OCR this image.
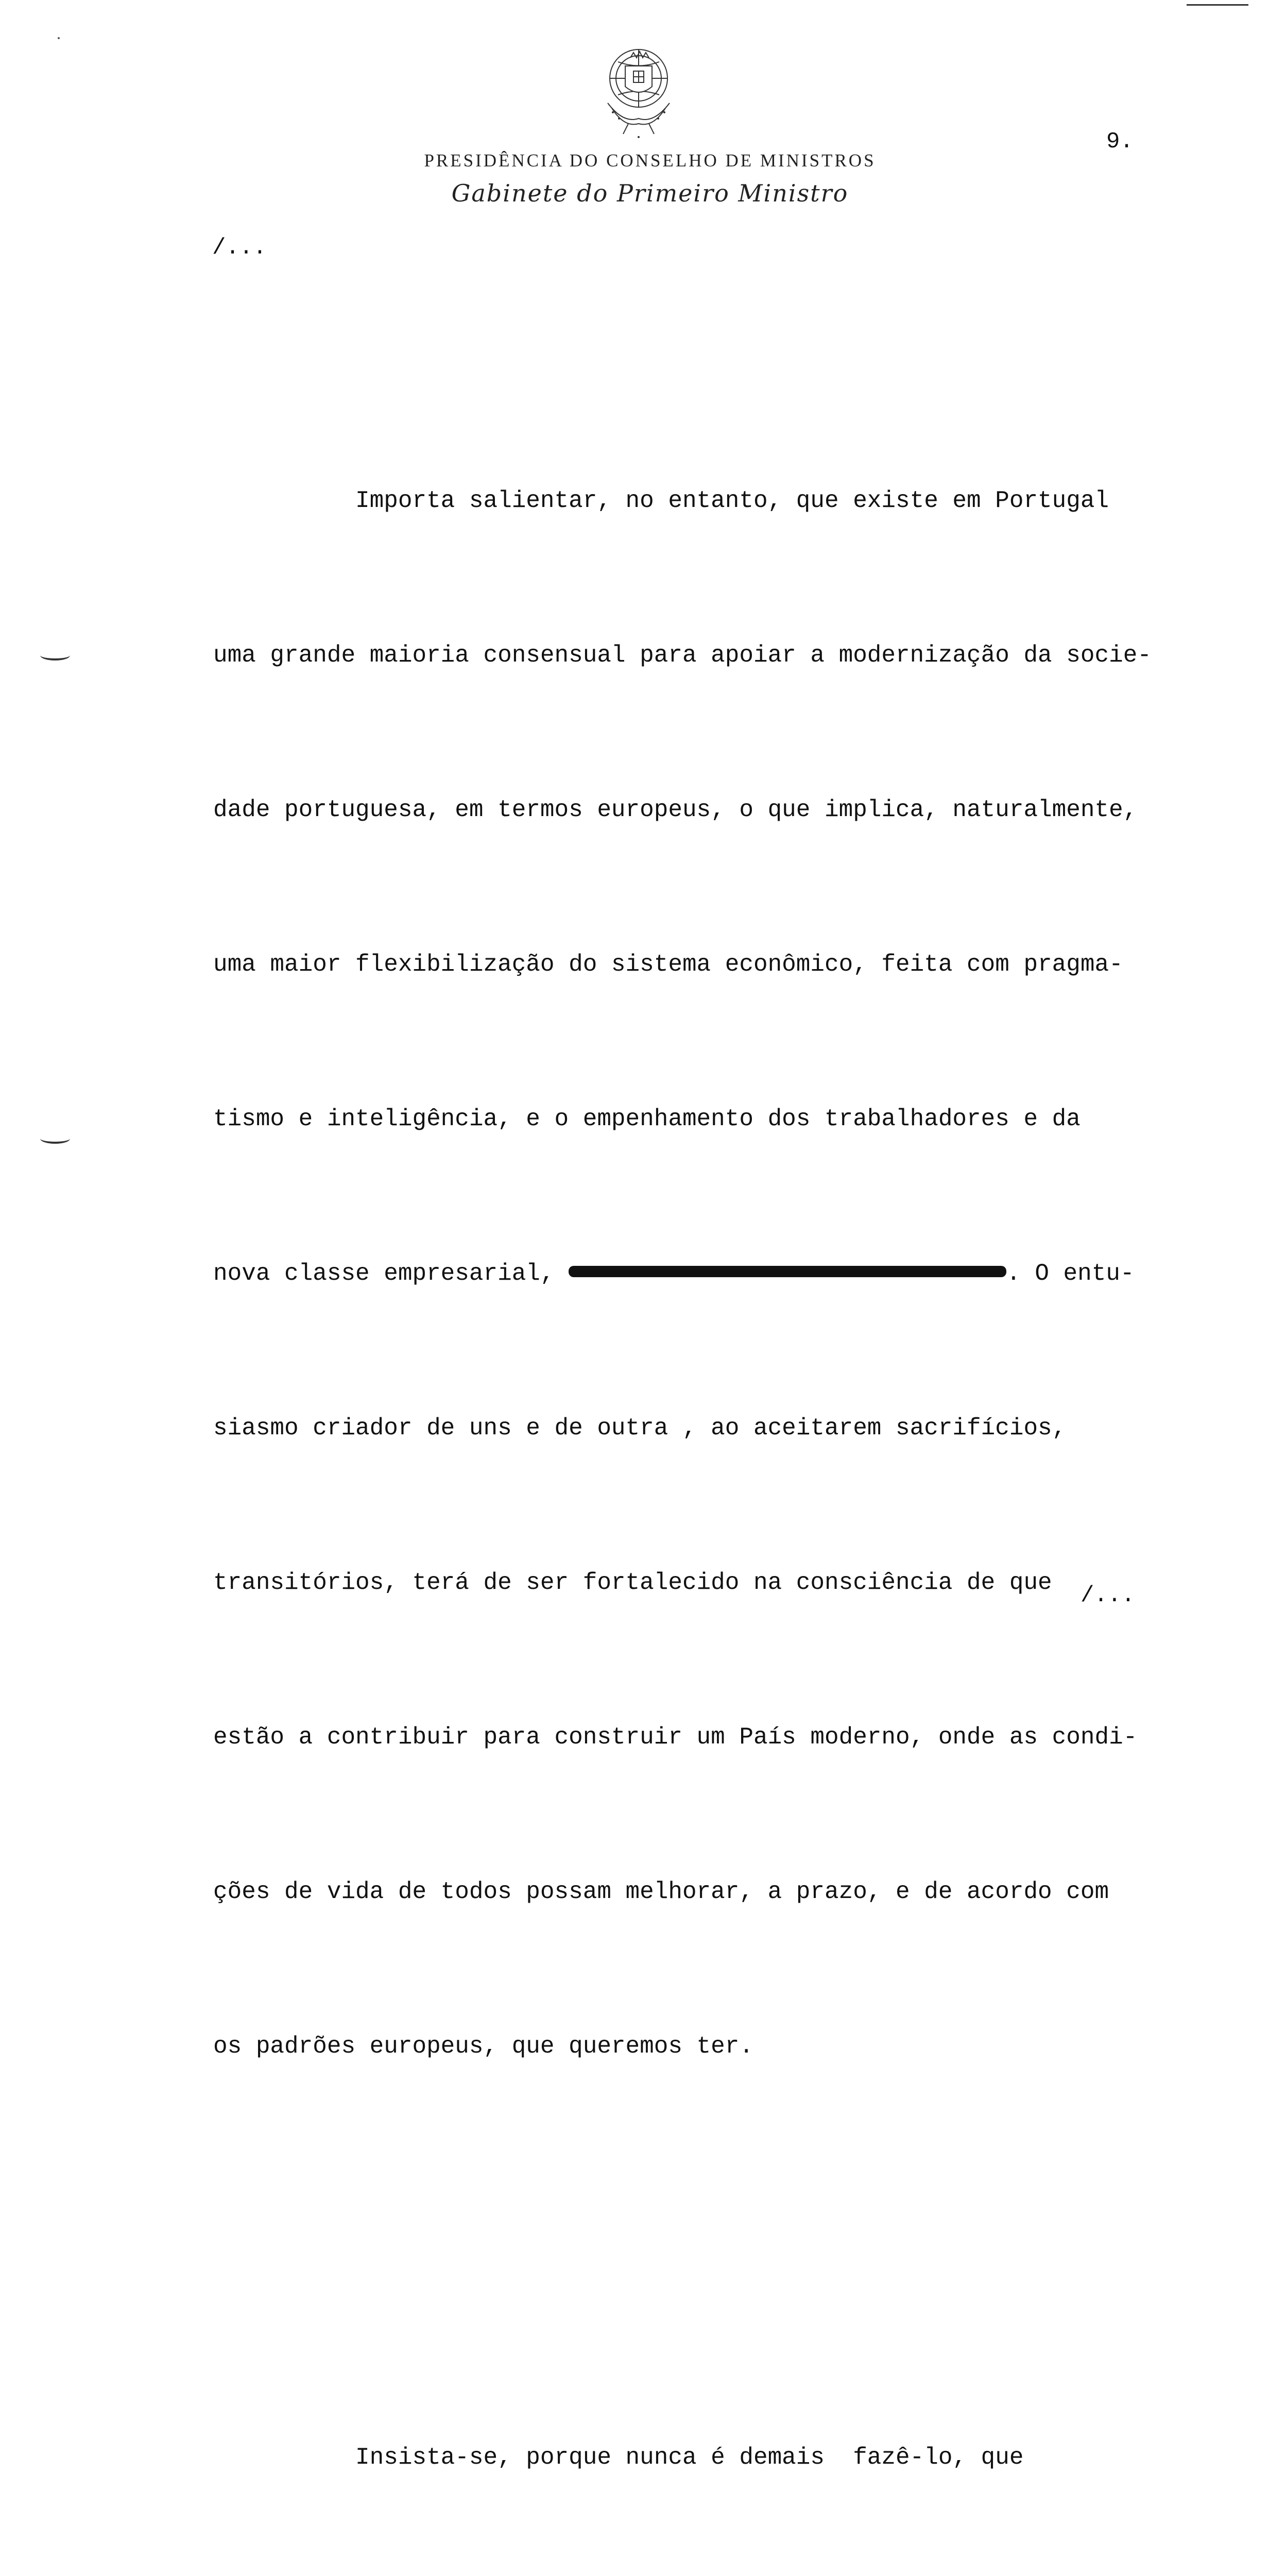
PRESIDÊNCIA DO CONSELHO DE MINISTROS
Gabinete do Primeiro Ministro
9.
/...

Importa salientar, no entanto, que existe em Portugal

uma grande maioria consensual para apoiar a modernização da socie-

dade portuguesa, em termos europeus, o que implica, naturalmente,

uma maior flexibilização do sistema econômico, feita com pragma-

tismo e inteligência, e o empenhamento dos trabalhadores e da

nova classe empresarial,	. O entu-

siasmo criador de uns e de outra , ao aceitarem sacrifícios,

transitórios, terá de ser fortalecido na consciência de que

estão a contribuir para construir um País moderno, onde as condi-

ções de vida de todos possam melhorar, a prazo, e de acordo com

os padrões europeus, que queremos ter.

Insista-se, porque nunca é demais  fazê-lo, que

/...
